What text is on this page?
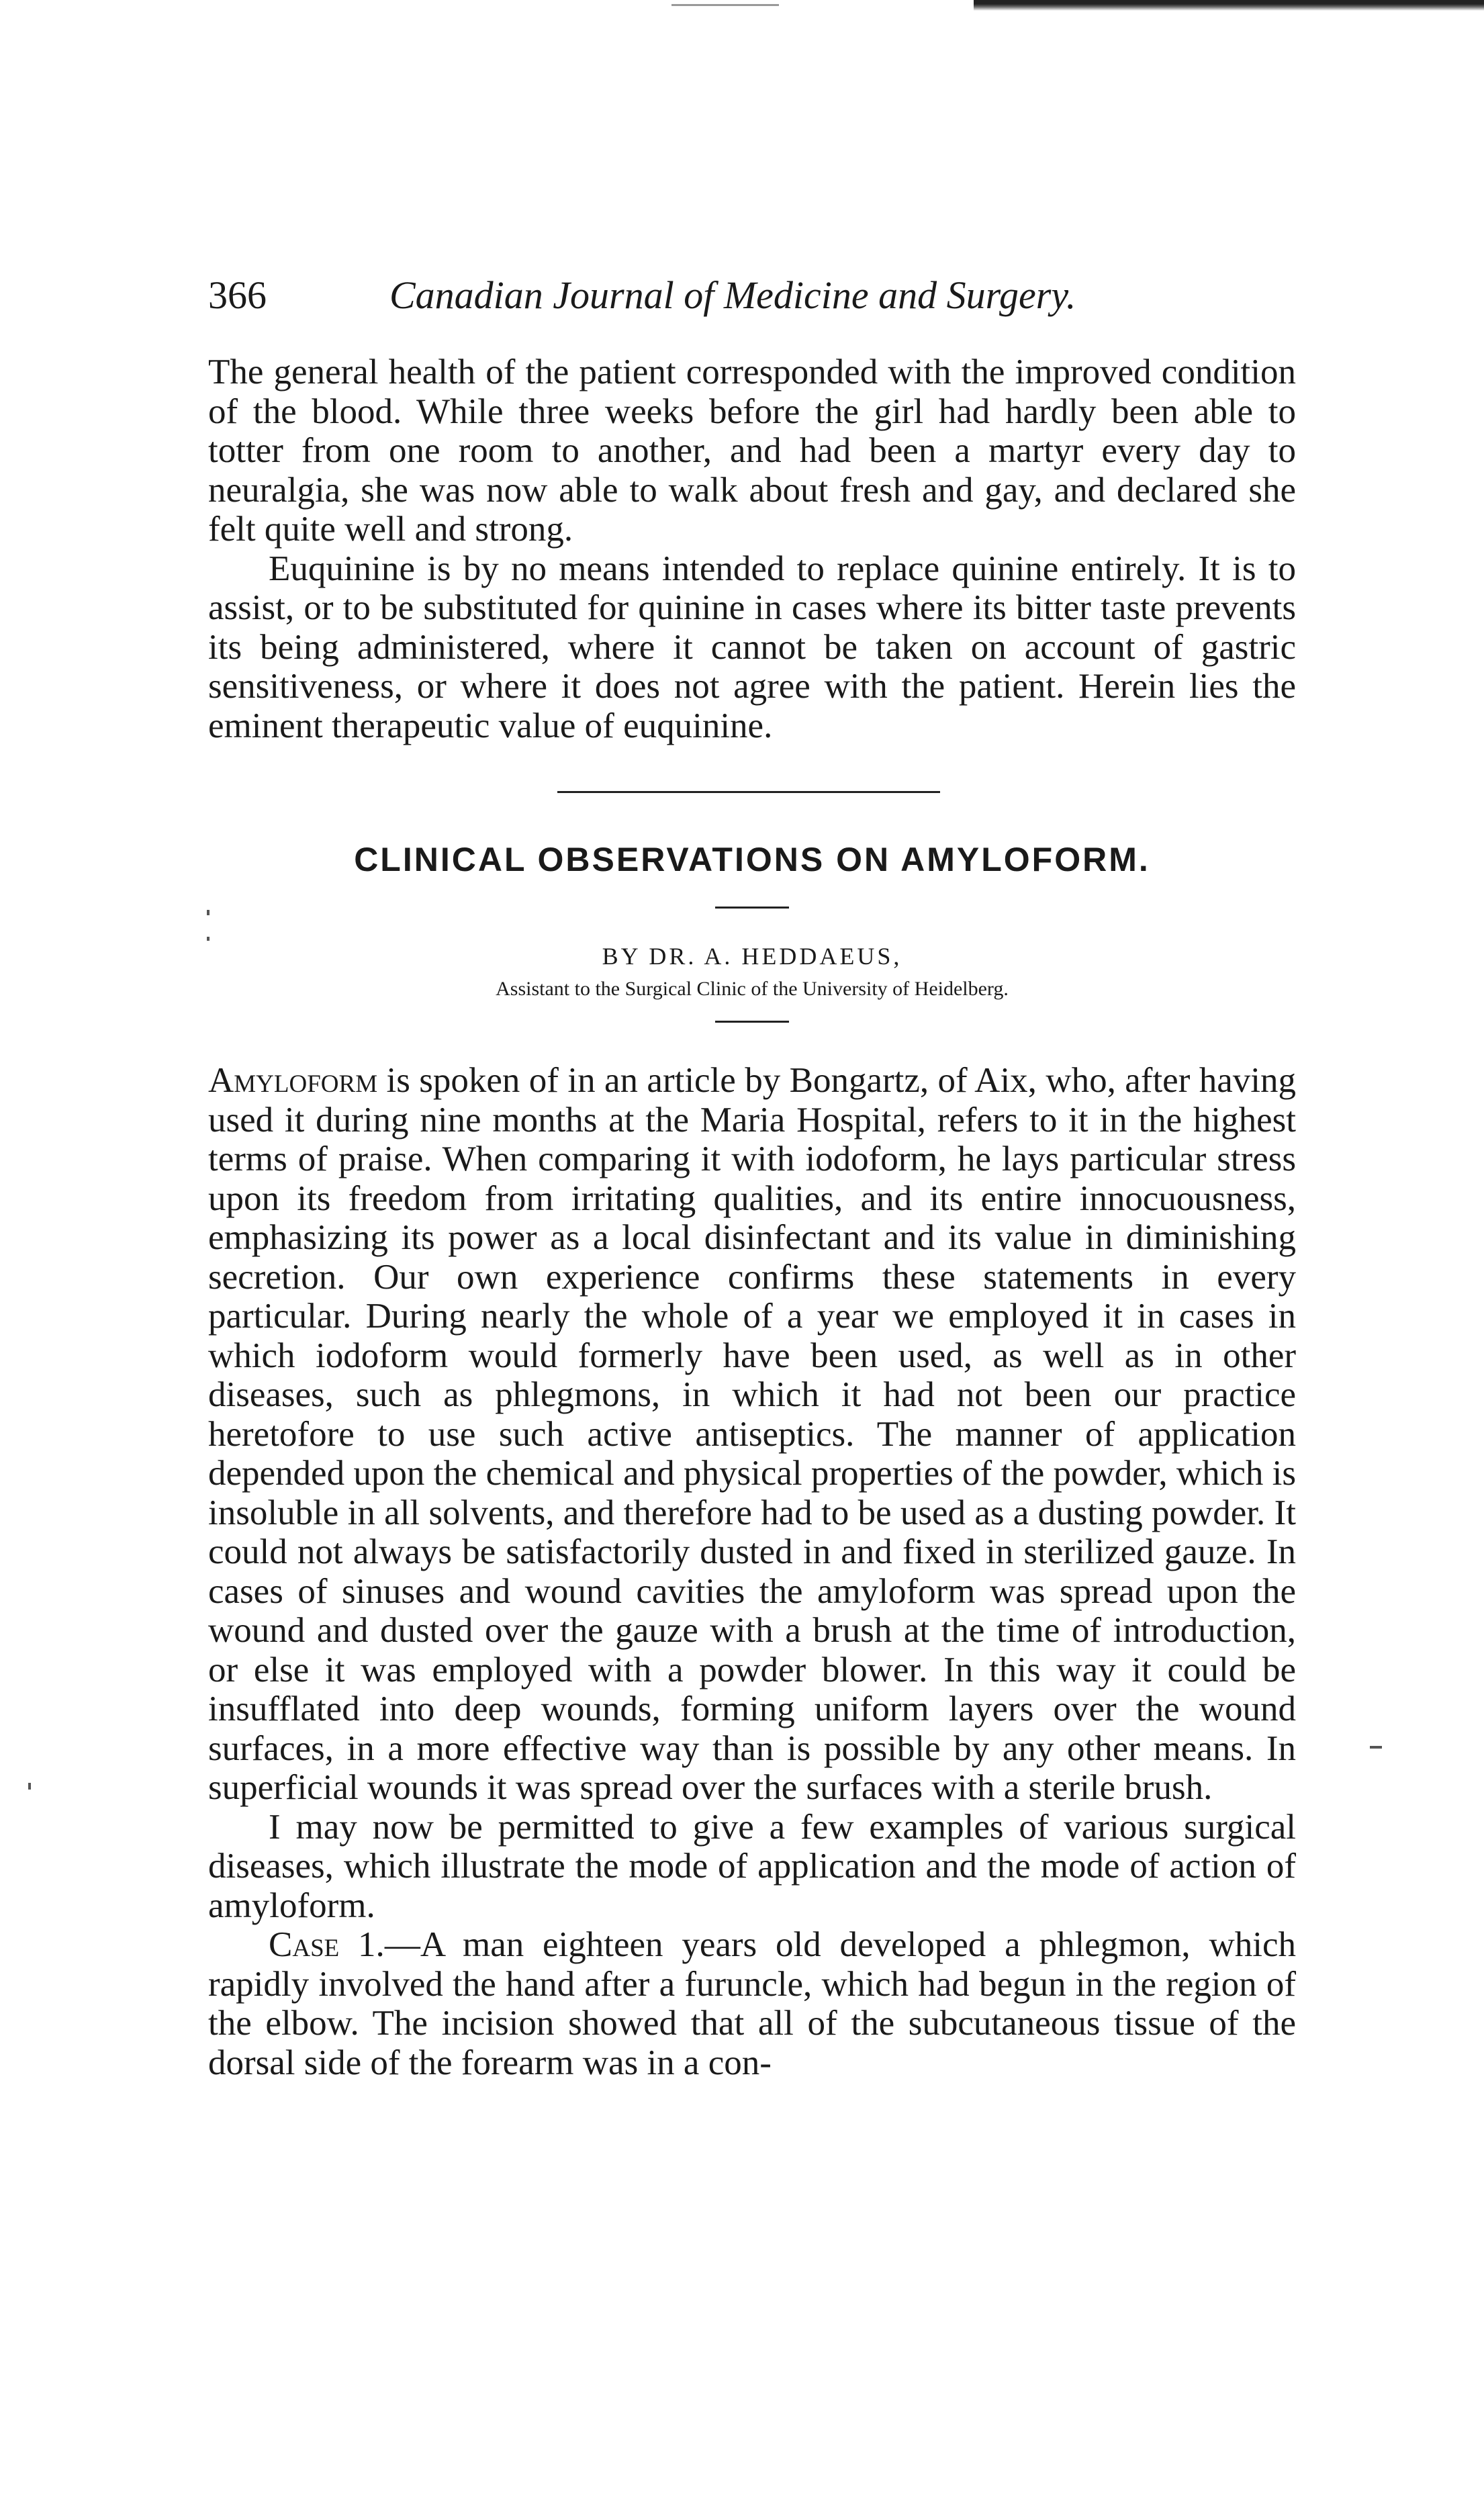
366	Canadian Journal of Medicine and Surgery.

The general health of the patient corresponded with the improved condition of the blood. While three weeks before the girl had hardly been able to totter from one room to another, and had been a martyr every day to neuralgia, she was now able to walk about fresh and gay, and declared she felt quite well and strong.

Euquinine is by no means intended to replace quinine entirely. It is to assist, or to be substituted for quinine in cases where its bitter taste prevents its being administered, where it cannot be taken on account of gastric sensitiveness, or where it does not agree with the patient. Herein lies the eminent therapeutic value of euquinine.

CLINICAL OBSERVATIONS ON AMYLOFORM.
BY DR. A. HEDDAEUS,
Assistant to the Surgical Clinic of the University of Heidelberg.

Amyloform is spoken of in an article by Bongartz, of Aix, who, after having used it during nine months at the Maria Hospital, refers to it in the highest terms of praise. When comparing it with iodoform, he lays particular stress upon its freedom from irritating qualities, and its entire innocuousness, emphasizing its power as a local disinfectant and its value in diminishing secretion. Our own experience confirms these statements in every particular. During nearly the whole of a year we employed it in cases in which iodoform would formerly have been used, as well as in other diseases, such as phlegmons, in which it had not been our practice heretofore to use such active antiseptics. The manner of application depended upon the chemical and physical properties of the powder, which is insoluble in all solvents, and therefore had to be used as a dusting powder. It could not always be satisfactorily dusted in and fixed in sterilized gauze. In cases of sinuses and wound cavities the amyloform was spread upon the wound and dusted over the gauze with a brush at the time of introduction, or else it was employed with a powder blower. In this way it could be insufflated into deep wounds, forming uniform layers over the wound surfaces, in a more effective way than is possible by any other means. In superficial wounds it was spread over the surfaces with a sterile brush.

I may now be permitted to give a few examples of various surgical diseases, which illustrate the mode of application and the mode of action of amyloform.

Case 1.—A man eighteen years old developed a phlegmon, which rapidly involved the hand after a furuncle, which had begun in the region of the elbow. The incision showed that all of the subcutaneous tissue of the dorsal side of the forearm was in a con-
